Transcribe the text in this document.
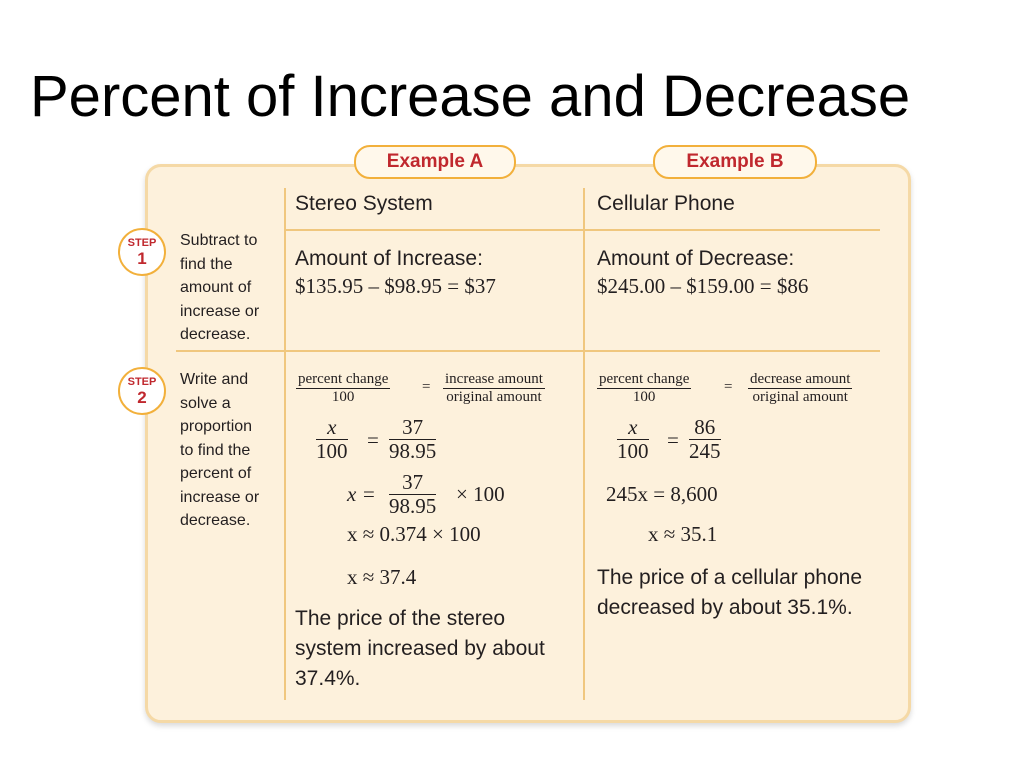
Percent of Increase and Decrease
Example A	Example B
Stereo System	Cellular Phone
STEP
1
STEP
2
Subtract to
find the
amount of
increase or
decrease.
Write and
solve a
proportion
to find the
percent of
increase or
decrease.
Amount of Increase:
$135.95 – $98.95 = $37
Amount of Decrease:
$245.00 – $159.00 = $86
percent change
100
= increase amount
original amount
$\frac{x}{100} = \frac{37}{98.95}$
$x = \frac{37}{98.95} \times 100$
x ≈ 0.374 × 100
x ≈ 37.4
The price of the stereo system increased by about 37.4%.
percent change
100
= decrease amount
original amount
$\frac{x}{100} = \frac{86}{245}$
245x = 8,600
x ≈ 35.1
The price of a cellular phone decreased by about 35.1%.
